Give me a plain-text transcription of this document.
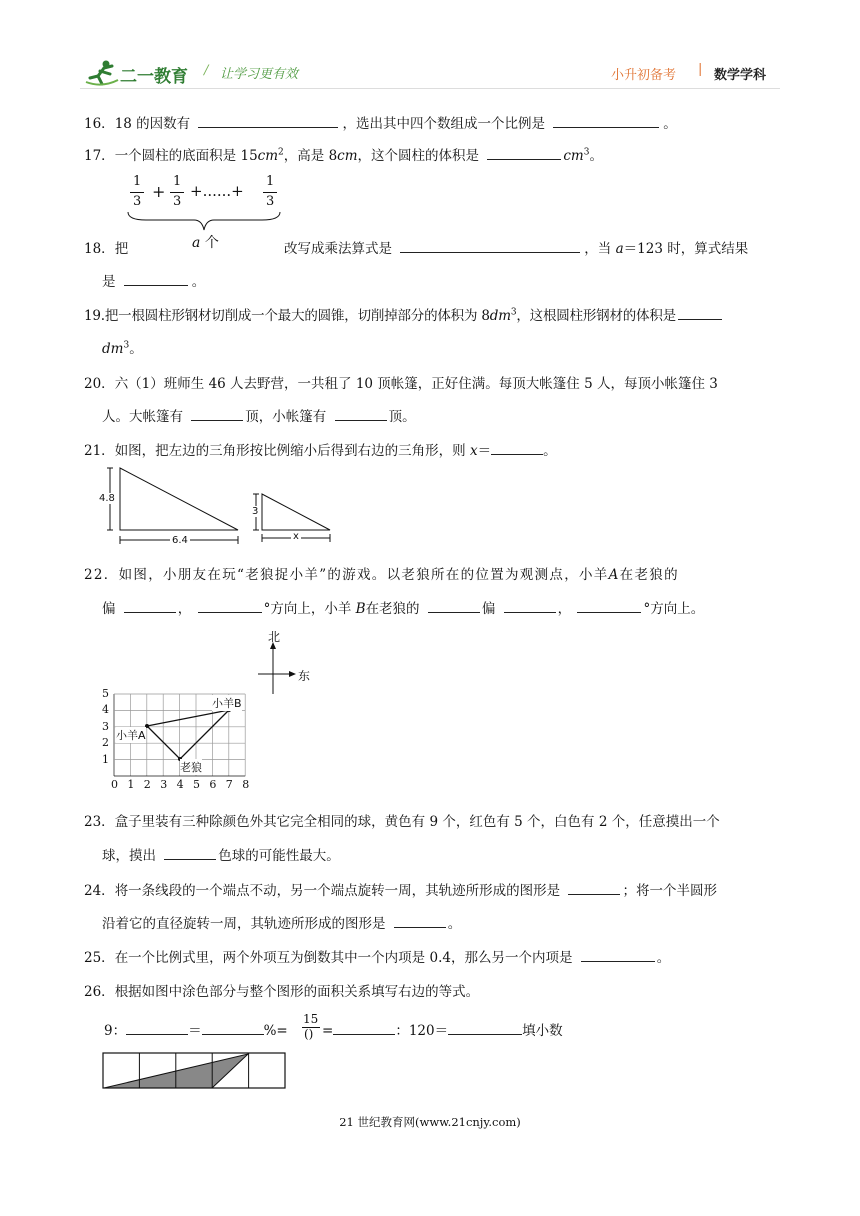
二一教育 / 让学习更有效	小升初备考 | 数学学科
16．18 的因数有	，选出其中四个数组成一个比例是	。
17．一个圆柱的底面积是 $15cm^2$，高是 8cm，这个圆柱的体积是	$cm^3$。
1
3
+
1
3
+......+
1
3
a 个
18．把	改写成乘法算式是	，当 a＝123 时，算式结果
是	。
19.把一根圆柱形钢材切削成一个最大的圆锥，切削掉部分的体积为 $8dm^3$，这根圆柱形钢材的体积是
$dm^3$。
20．六（1）班师生 46 人去野营，一共租了 10 顶帐篷，正好住满。每顶大帐篷住 5 人，每顶小帐篷住 3
人。大帐篷有	顶，小帐篷有	顶。
21．如图，把左边的三角形按比例缩小后得到右边的三角形，则 x＝	。
4.8
6.4
3
x
22．如图，小朋友在玩“老狼捉小羊”的游戏。以老狼所在的位置为观测点，小羊A在老狼的
偏	，	°方向上，小羊 B在老狼的	偏	，	°方向上。
北
东
5
4
3
2
1
0 1 2 3 4 5 6 7 8
小羊A
小羊B
老狼
23．盒子里装有三种除颜色外其它完全相同的球，黄色有 9 个，红色有 5 个，白色有 2 个，任意摸出一个
球，摸出	色球的可能性最大。
24．将一条线段的一个端点不动，另一个端点旋转一周，其轨迹所形成的图形是	；将一个半圆形
沿着它的直径旋转一周，其轨迹所形成的图形是	。
25．在一个比例式里，两个外项互为倒数其中一个内项是 0.4，那么另一个内项是	。
26．根据如图中涂色部分与整个图形的面积关系填写右边的等式。
9：	＝	%=	=	：120＝	填小数
15
()
21 世纪教育网(www.21cnjy.com)
